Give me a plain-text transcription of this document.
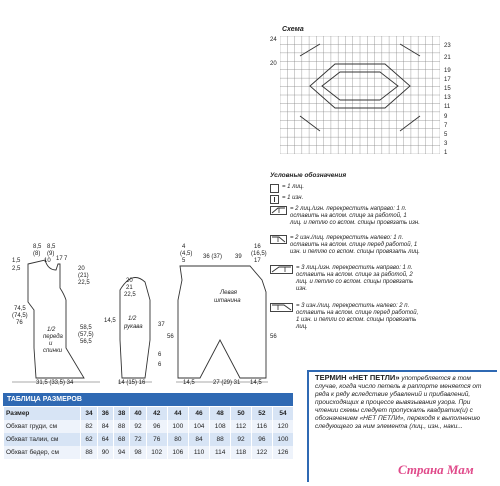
Схема
24
20
23
21
19
17
15
13
11
9
7
5
3
1
Условные обозначения
= 1 лиц.
= 1 изн.
= 2 лиц./изн. перекрестить направо: 1 п. оставить на вспом. спице за работой, 1 лиц. и петлю со вспом. спицы провязать изн.
= 2 изн./лиц. перекрестить налево: 1 п. оставить на вспом. спице перед работой, 1 изн. и петлю со вспом. спицы провязать лиц.
= 3 лиц./изн. перекрестить направо: 1 п. оставить на вспом. спице за работой, 2 лиц. и петлю со вспом. спицы провязать изн.
= 3 изн./лиц. перекрестить налево: 2 п. оставить на вспом. спице перед работой, 1 изн. и петли со вспом. спицы провязать лиц.
1,5
2,5
8,5
(8)
8,5
(9)
10 17 7
20
(21)
22,5
74,5
(74,5)
76
58,5
(57,5)
56,5
1/2
переда
и
спинки
31,5 (33,5) 34
20
21
22,5
1/2
рукава
14,5
37
6
6
14 (15) 16
4
(4,5)
5
36 (37) 39
16
(16,5)
17
Левая
штанина
56	56
14,5	27 (29) 31 14,5
ТАБЛИЦА РАЗМЕРОВ
Размер	34	36	38	40	42	44	46	48	50	52	54
Обхват груди, см	82	84	88	92	96	100	104	108	112	116	120
Обхват талии, см	62	64	68	72	76	80	84	88	92	96	100
Обхват бедер, см	88	90	94	98	102	106	110	114	118	122	126
ТЕРМИН «НЕТ ПЕТЛИ» употребляется в том случае, когда число петель в раппорте меняется от ряда к ряду вследствие убавлений и прибавлений, происходящих в процессе вывязывания узора. При чтении схемы следует пропускать квадратик(и) с обозначением «НЕТ ПЕТЛИ», переходя к выполнению следующего за ним элемента (лиц., изн., наки...
Страна Мам
